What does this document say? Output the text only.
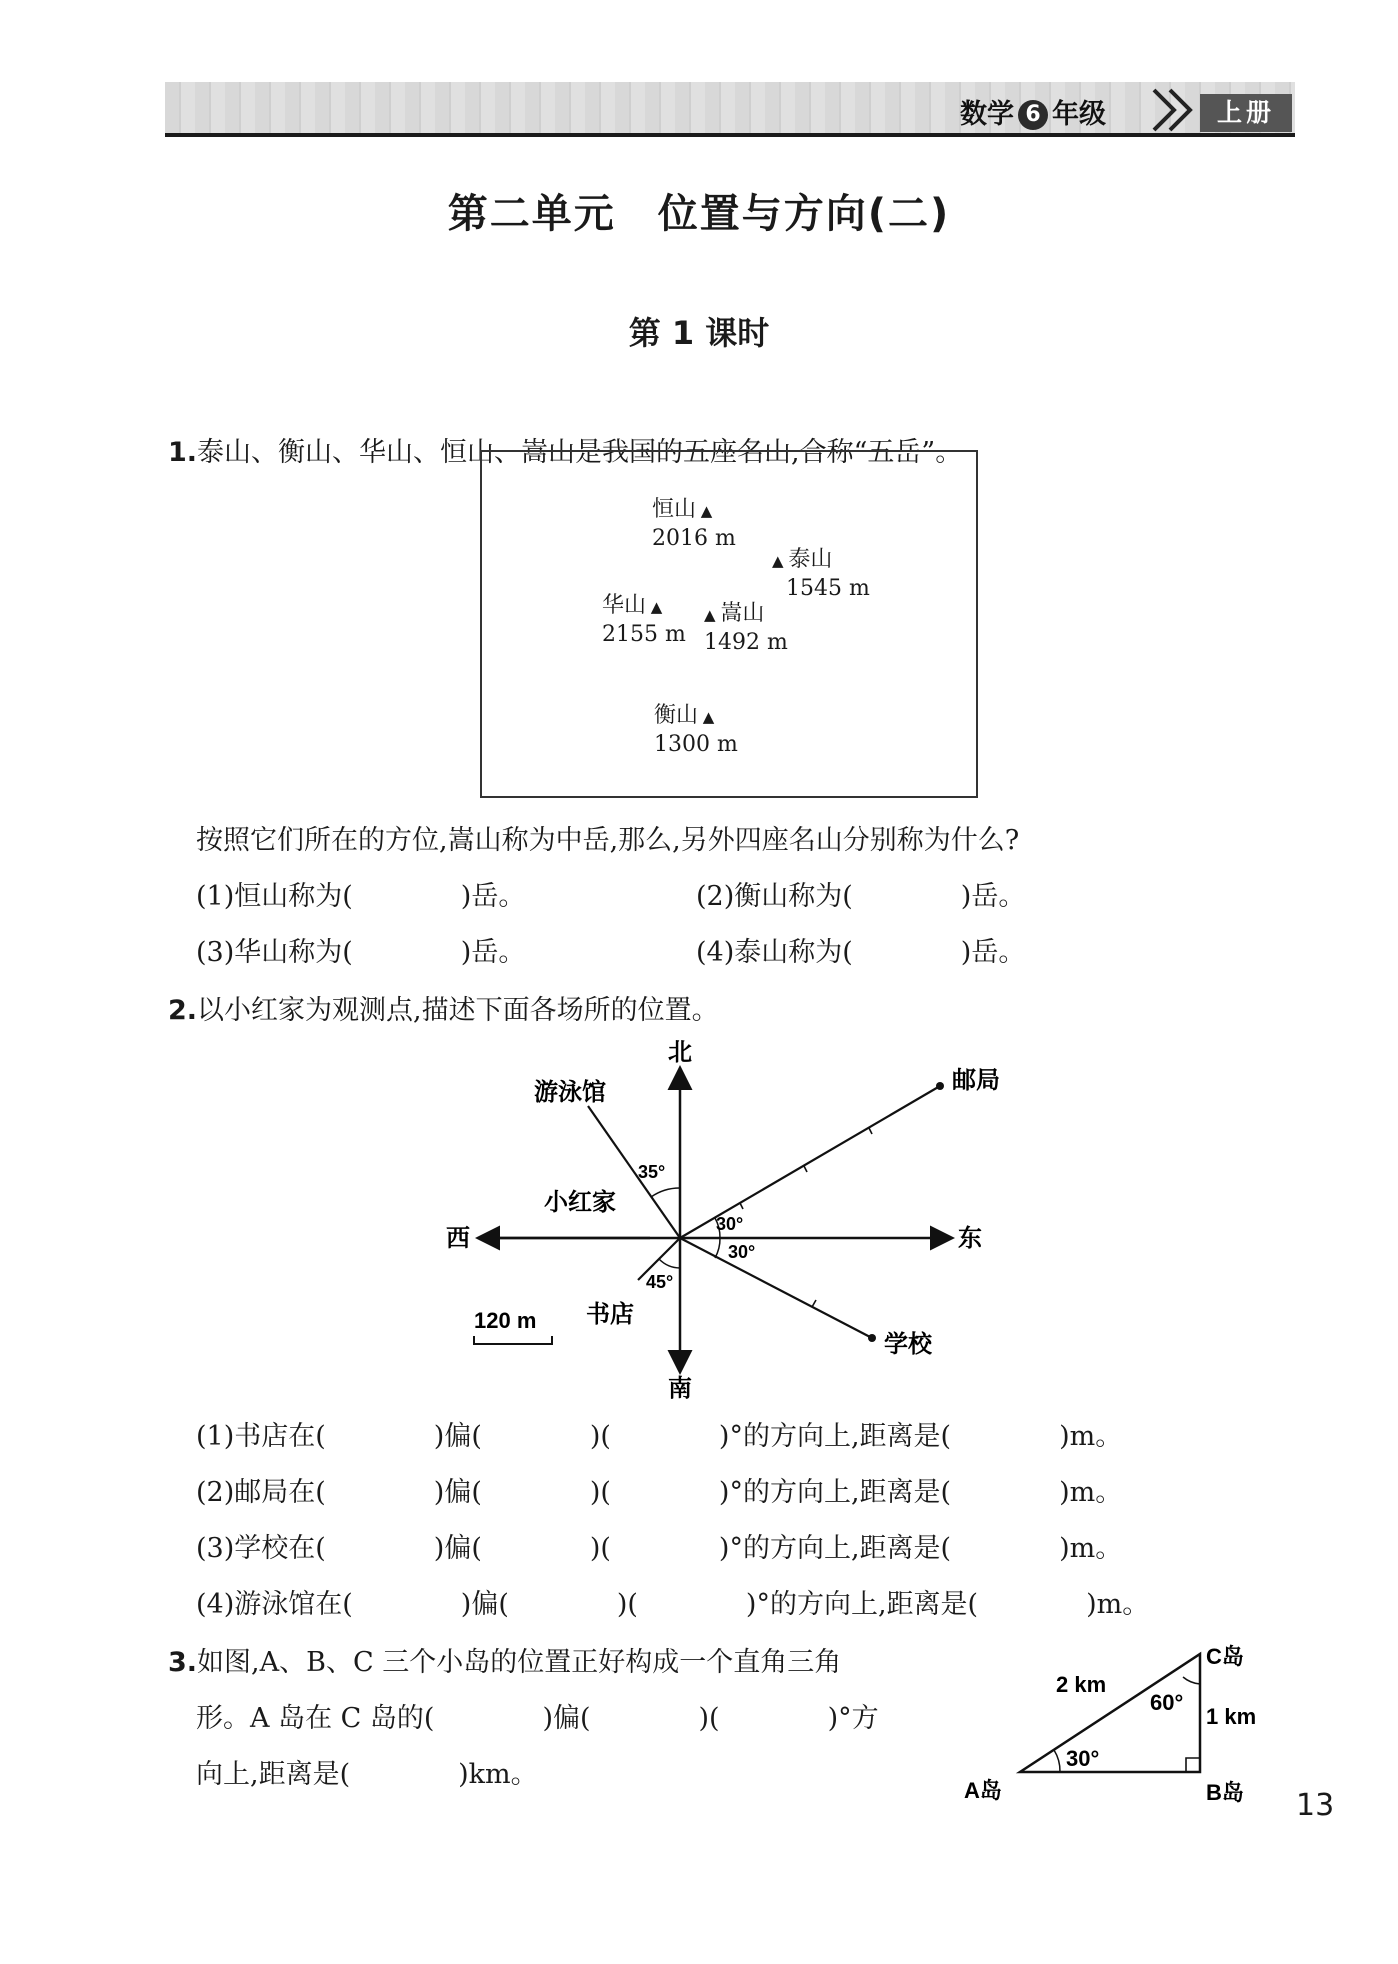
数学 6 年级	上册
第二单元　位置与方向(二)
第 1 课时
1.泰山、衡山、华山、恒山、嵩山是我国的五座名山,合称“五岳”。
恒山 ▲
2016 m
▲ 泰山
1545 m
华山 ▲
2155 m
▲ 嵩山
1492 m
衡山 ▲
1300 m
按照它们所在的方位,嵩山称为中岳,那么,另外四座名山分别称为什么?
(1)恒山称为(　　　　)岳。	(2)衡山称为(　　　　)岳。
(3)华山称为(　　　　)岳。	(4)泰山称为(　　　　)岳。
2.以小红家为观测点,描述下面各场所的位置。
北
南
东
西
游泳馆	邮局
学校
书店
小红家
35°
30°
30°
45°
120 m
(1)书店在(　　　　)偏(　　　　)(　　　　)°的方向上,距离是(　　　　)m。
(2)邮局在(　　　　)偏(　　　　)(　　　　)°的方向上,距离是(　　　　)m。
(3)学校在(　　　　)偏(　　　　)(　　　　)°的方向上,距离是(　　　　)m。
(4)游泳馆在(　　　　)偏(　　　　)(　　　　)°的方向上,距离是(　　　　)m。
3.如图,A、B、C 三个小岛的位置正好构成一个直角三角
形。A 岛在 C 岛的(　　　　)偏(　　　　)(　　　　)°方
向上,距离是(　　　　)km。
C岛
B岛
A岛
2 km
1 km
60°
30°
13
